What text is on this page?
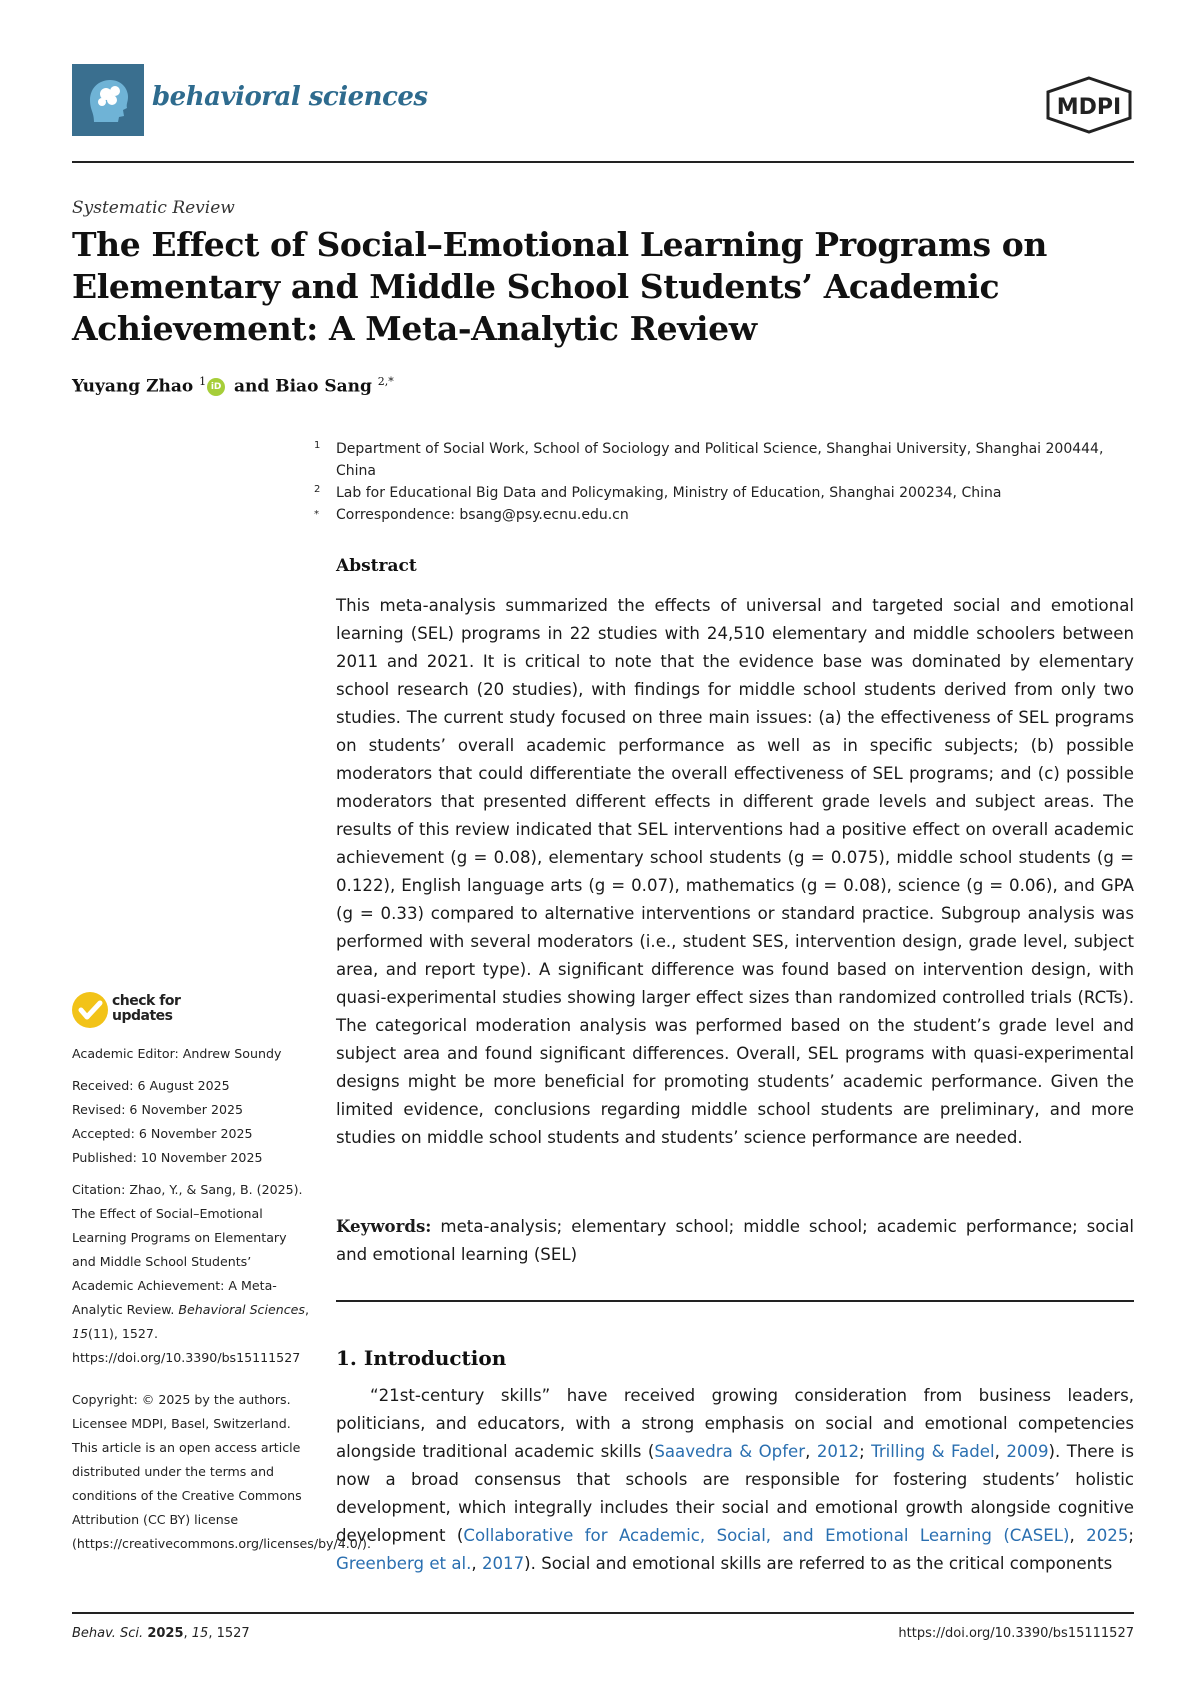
behavioral sciences	MDPI
Systematic Review
The Effect of Social–Emotional Learning Programs on Elementary and Middle School Students’ Academic Achievement: A Meta-Analytic Review
Yuyang Zhao $^1$ iD and Biao Sang $^{2,*}$
1 Department of Social Work, School of Sociology and Political Science, Shanghai University, Shanghai 200444, China
2 Lab for Educational Big Data and Policymaking, Ministry of Education, Shanghai 200234, China
* Correspondence: bsang@psy.ecnu.edu.cn
Abstract
This meta-analysis summarized the effects of universal and targeted social and emotional learning (SEL) programs in 22 studies with 24,510 elementary and middle schoolers between 2011 and 2021. It is critical to note that the evidence base was dominated by elementary school research (20 studies), with findings for middle school students derived from only two studies. The current study focused on three main issues: (a) the effectiveness of SEL programs on students’ overall academic performance as well as in specific subjects; (b) possible moderators that could differentiate the overall effectiveness of SEL programs; and (c) possible moderators that presented different effects in different grade levels and subject areas. The results of this review indicated that SEL interventions had a positive effect on overall academic achievement (g = 0.08), elementary school students (g = 0.075), middle school students (g = 0.122), English language arts (g = 0.07), mathematics (g = 0.08), science (g = 0.06), and GPA (g = 0.33) compared to alternative interventions or standard practice. Subgroup analysis was performed with several moderators (i.e., student SES, intervention design, grade level, subject area, and report type). A significant difference was found based on intervention design, with quasi-experimental studies showing larger effect sizes than randomized controlled trials (RCTs). The categorical moderation analysis was performed based on the student’s grade level and subject area and found significant differences. Overall, SEL programs with quasi-experimental designs might be more beneficial for promoting students’ academic performance. Given the limited evidence, conclusions regarding middle school students are preliminary, and more studies on middle school students and students’ science performance are needed.
Keywords: meta-analysis; elementary school; middle school; academic performance; social and emotional learning (SEL)
1. Introduction
“21st-century skills” have received growing consideration from business leaders, politicians, and educators, with a strong emphasis on social and emotional competencies alongside traditional academic skills (Saavedra & Opfer, 2012; Trilling & Fadel, 2009). There is now a broad consensus that schools are responsible for fostering students’ holistic development, which integrally includes their social and emotional growth alongside cognitive development (Collaborative for Academic, Social, and Emotional Learning (CASEL), 2025; Greenberg et al., 2017). Social and emotional skills are referred to as the critical components
check for
updates
Academic Editor: Andrew Soundy
Received: 6 August 2025
Revised: 6 November 2025
Accepted: 6 November 2025
Published: 10 November 2025
Citation: Zhao, Y., & Sang, B. (2025). The Effect of Social–Emotional Learning Programs on Elementary and Middle School Students’ Academic Achievement: A Meta-Analytic Review. Behavioral Sciences, 15(11), 1527. https://doi.org/10.3390/bs15111527
Copyright: © 2025 by the authors. Licensee MDPI, Basel, Switzerland. This article is an open access article distributed under the terms and conditions of the Creative Commons Attribution (CC BY) license (https://creativecommons.org/licenses/by/4.0/).
Behav. Sci. 2025, 15, 1527	https://doi.org/10.3390/bs15111527
